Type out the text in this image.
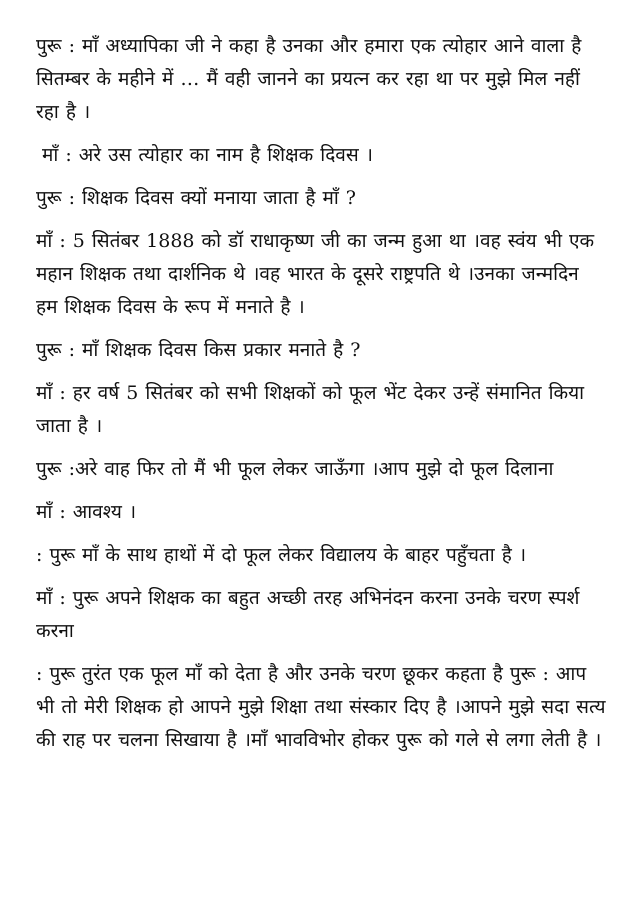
पुरू : माँ अध्यापिका जी ने कहा है उनका और हमारा एक त्योहार आने वाला है सितम्बर के महीने में … मैं वही जानने का प्रयत्न कर रहा था पर मुझे मिल नहीं रहा है ।

माँ : अरे उस त्योहार का नाम है शिक्षक दिवस ।

पुरू : शिक्षक दिवस क्यों मनाया जाता है माँ ?

माँ : 5 सितंबर 1888 को डॉ राधाकृष्ण जी का जन्म हुआ था ।वह स्वंय भी एक महान शिक्षक तथा दार्शनिक थे ।वह भारत के दूसरे राष्ट्रपति थे ।उनका जन्मदिन हम शिक्षक दिवस के रूप में मनाते है ।

पुरू : माँ शिक्षक दिवस किस प्रकार मनाते है ?

माँ : हर वर्ष 5 सितंबर को सभी शिक्षकों को फूल भेंट देकर उन्हें संमानित किया जाता है ।

पुरू :अरे वाह फिर तो मैं भी फूल लेकर जाऊँगा ।आप मुझे दो फूल दिलाना

माँ : आवश्य ।

: पुरू माँ के साथ हाथों में दो फूल लेकर विद्यालय के बाहर पहुँचता है ।

माँ : पुरू अपने शिक्षक का बहुत अच्छी तरह अभिनंदन करना उनके चरण स्पर्श करना

: पुरू तुरंत एक फूल माँ को देता है और उनके चरण छूकर कहता है पुरू : आप भी तो मेरी शिक्षक हो आपने मुझे शिक्षा तथा संस्कार दिए है ।आपने मुझे सदा सत्य की राह पर चलना सिखाया है ।माँ भावविभोर होकर पुरू को गले से लगा लेती है ।
